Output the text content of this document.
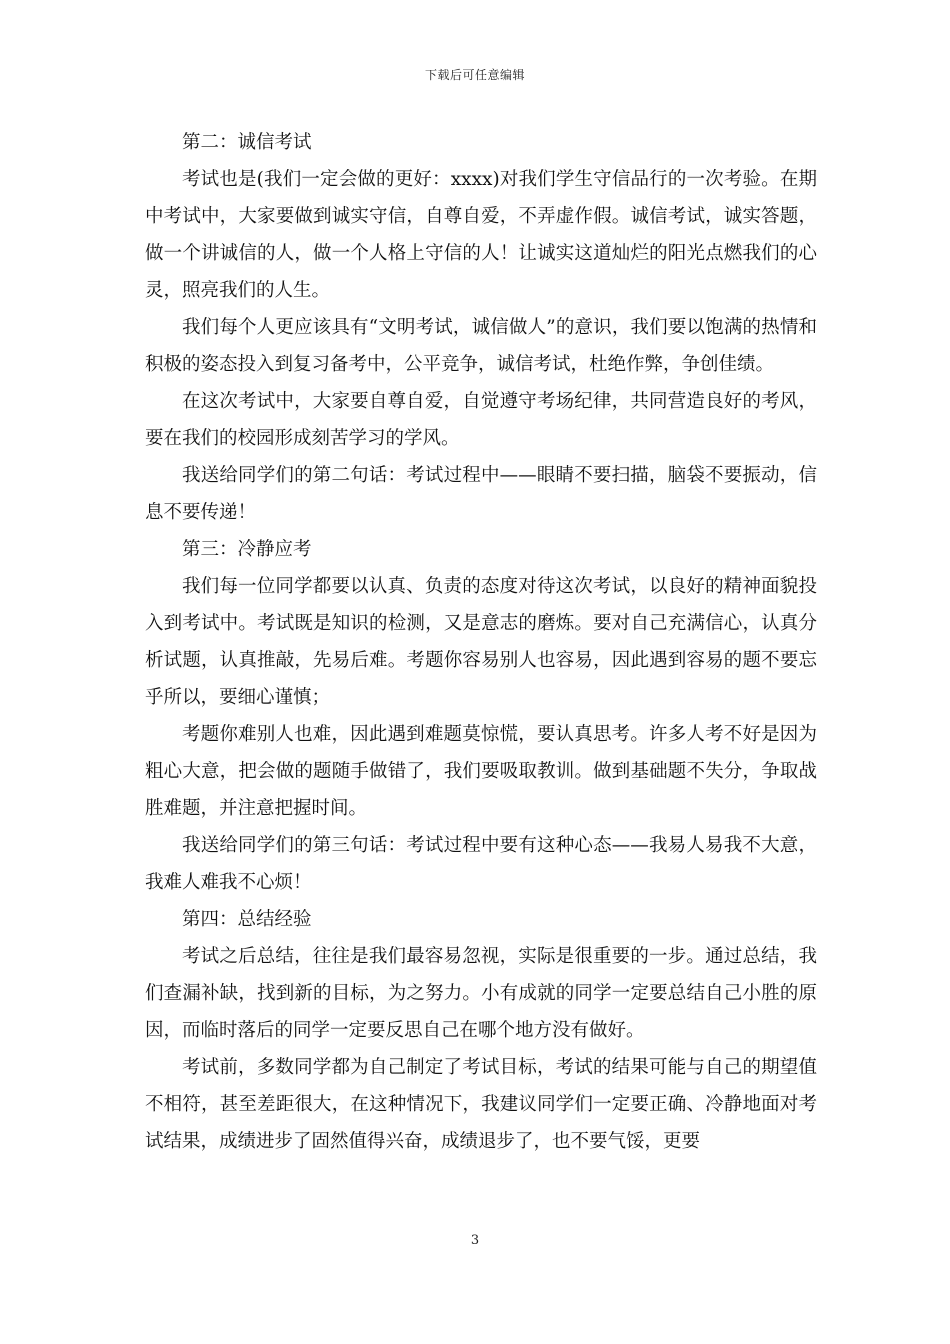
下载后可任意编辑

第二：诚信考试

考试也是(我们一定会做的更好：xxxx)对我们学生守信品行的一次考验。在期中考试中，大家要做到诚实守信，自尊自爱，不弄虚作假。诚信考试，诚实答题，做一个讲诚信的人，做一个人格上守信的人！让诚实这道灿烂的阳光点燃我们的心灵，照亮我们的人生。

我们每个人更应该具有“文明考试，诚信做人”的意识，我们要以饱满的热情和积极的姿态投入到复习备考中，公平竞争，诚信考试，杜绝作弊，争创佳绩。

在这次考试中，大家要自尊自爱，自觉遵守考场纪律，共同营造良好的考风，要在我们的校园形成刻苦学习的学风。

我送给同学们的第二句话：考试过程中——眼睛不要扫描，脑袋不要振动，信息不要传递！

第三：冷静应考

我们每一位同学都要以认真、负责的态度对待这次考试，以良好的精神面貌投入到考试中。考试既是知识的检测，又是意志的磨炼。要对自己充满信心，认真分析试题，认真推敲，先易后难。考题你容易别人也容易，因此遇到容易的题不要忘乎所以，要细心谨慎；

考题你难别人也难，因此遇到难题莫惊慌，要认真思考。许多人考不好是因为粗心大意，把会做的题随手做错了，我们要吸取教训。做到基础题不失分，争取战胜难题，并注意把握时间。

我送给同学们的第三句话：考试过程中要有这种心态——我易人易我不大意，我难人难我不心烦！

第四：总结经验

考试之后总结，往往是我们最容易忽视，实际是很重要的一步。通过总结，我们查漏补缺，找到新的目标，为之努力。小有成就的同学一定要总结自己小胜的原因，而临时落后的同学一定要反思自己在哪个地方没有做好。

考试前，多数同学都为自己制定了考试目标，考试的结果可能与自己的期望值不相符，甚至差距很大，在这种情况下，我建议同学们一定要正确、冷静地面对考试结果，成绩进步了固然值得兴奋，成绩退步了，也不要气馁，更要

3
